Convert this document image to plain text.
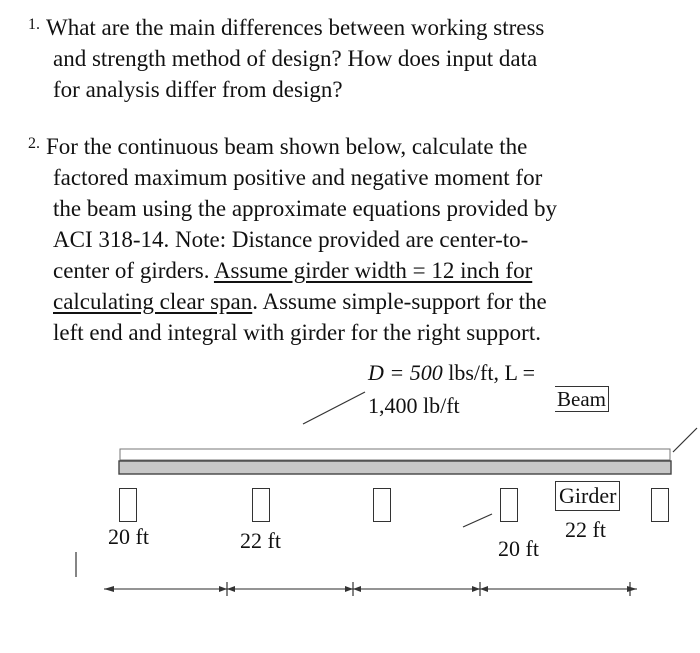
1. What are the main differences between working stress
and strength method of design? How does input data
for analysis differ from design?
2. For the continuous beam shown below, calculate the
factored maximum positive and negative moment for
the beam using the approximate equations provided by
ACI 318-14. Note: Distance provided are center-to-
center of girders. Assume girder width = 12 inch for
calculating clear span. Assume simple-support for the
left end and integral with girder for the right support.
D = 500 lbs/ft, L =
1,400 lb/ft	Beam
Girder
20 ft	22 ft	20 ft
22 ft
